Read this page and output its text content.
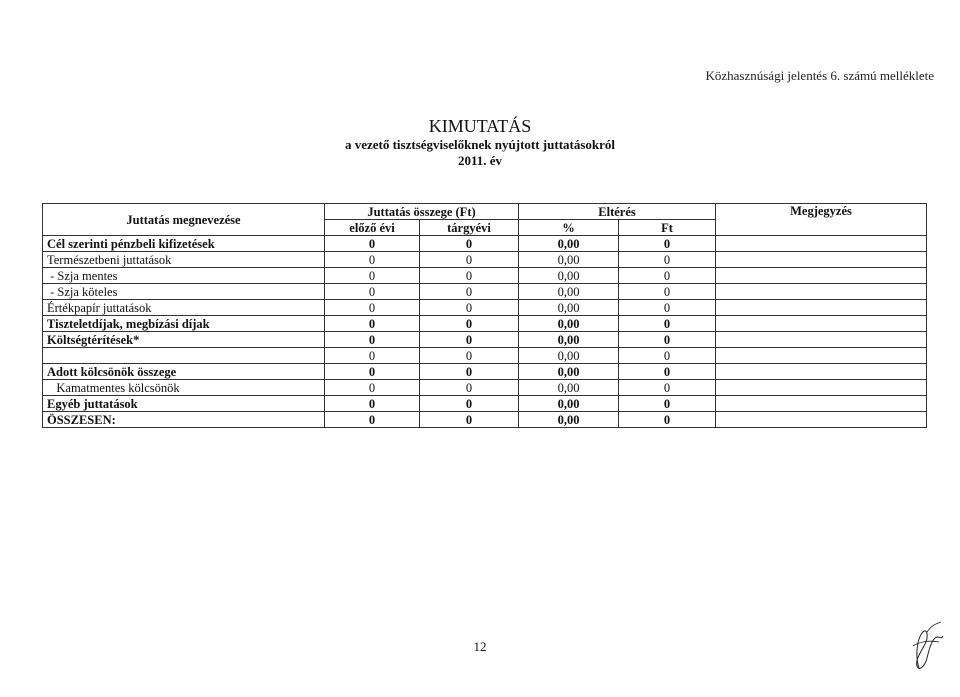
Közhasznúsági jelentés 6. számú melléklete
KIMUTATÁS
a vezető tisztségviselőknek nyújtott juttatásokról
2011. év
Juttatás megnevezése	Juttatás összege (Ft)		Eltérés		Megjegyzés
	előző évi	tárgyévi	%	Ft	
Cél szerinti pénzbeli kifizetések	0	0	0,00	0	
Természetbeni juttatások	0	0	0,00	0	
- Szja mentes	0	0	0,00	0	
- Szja köteles	0	0	0,00	0	
Értékpapír juttatások	0	0	0,00	0	
Tiszteletdíjak, megbízási díjak	0	0	0,00	0	
Költségtérítések*	0	0	0,00	0	
	0	0	0,00	0	
Adott kölcsönök összege	0	0	0,00	0	
Kamatmentes kölcsönök	0	0	0,00	0	
Egyéb juttatások	0	0	0,00	0	
ÖSSZESEN:	0	0	0,00	0	
12
